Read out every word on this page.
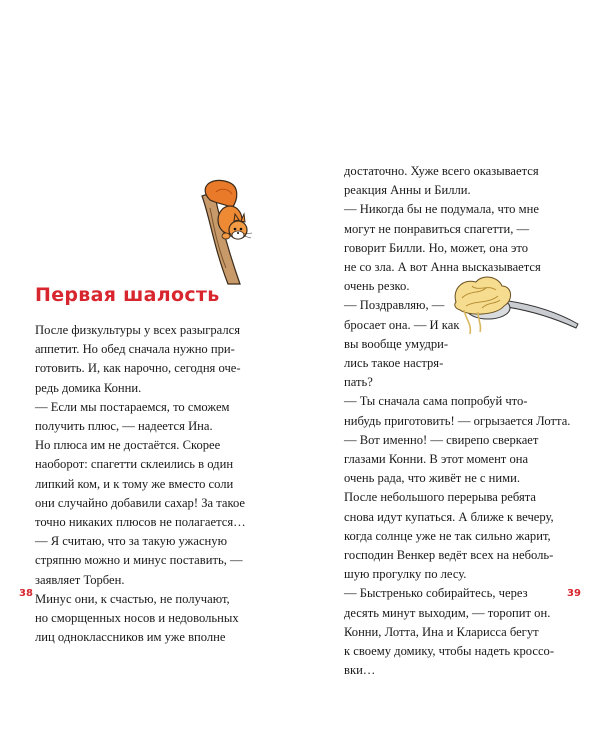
Первая шалость

После физкультуры у всех разыгрался

аппетит. Но обед сначала нужно при-

готовить. И, как нарочно, сегодня оче-

редь домика Конни.

— Если мы постараемся, то сможем

получить плюс, — надеется Ина.

Но плюса им не достаётся. Скорее

наоборот: спагетти склеились в один

липкий ком, и к тому же вместо соли

они случайно добавили сахар! За такое

точно никаких плюсов не полагается…

— Я считаю, что за такую ужасную

стряпню можно и минус поставить, —

заявляет Торбен.

Минус они, к счастью, не получают,

но сморщенных носов и недовольных

лиц одноклассников им уже вполне

38

достаточно. Хуже всего оказывается

реакция Анны и Билли.

— Никогда бы не подумала, что мне

могут не понравиться спагетти, —

говорит Билли. Но, может, она это

не со зла. А вот Анна высказывается

очень резко.

— Поздравляю, —

бросает она. — И как

вы вообще умудри-

лись такое настря-

пать?

— Ты сначала сама попробуй что-

нибудь приготовить! — огрызается Лотта.

— Вот именно! — свирепо сверкает

глазами Конни. В этот момент она

очень рада, что живёт не с ними.

После небольшого перерыва ребята

снова идут купаться. А ближе к вечеру,

когда солнце уже не так сильно жарит,

господин Венкер ведёт всех на неболь-

шую прогулку по лесу.

— Быстренько собирайтесь, через

десять минут выходим, — торопит он.

Конни, Лотта, Ина и Кларисса бегут

к своему домику, чтобы надеть кроссо-

вки…

39
